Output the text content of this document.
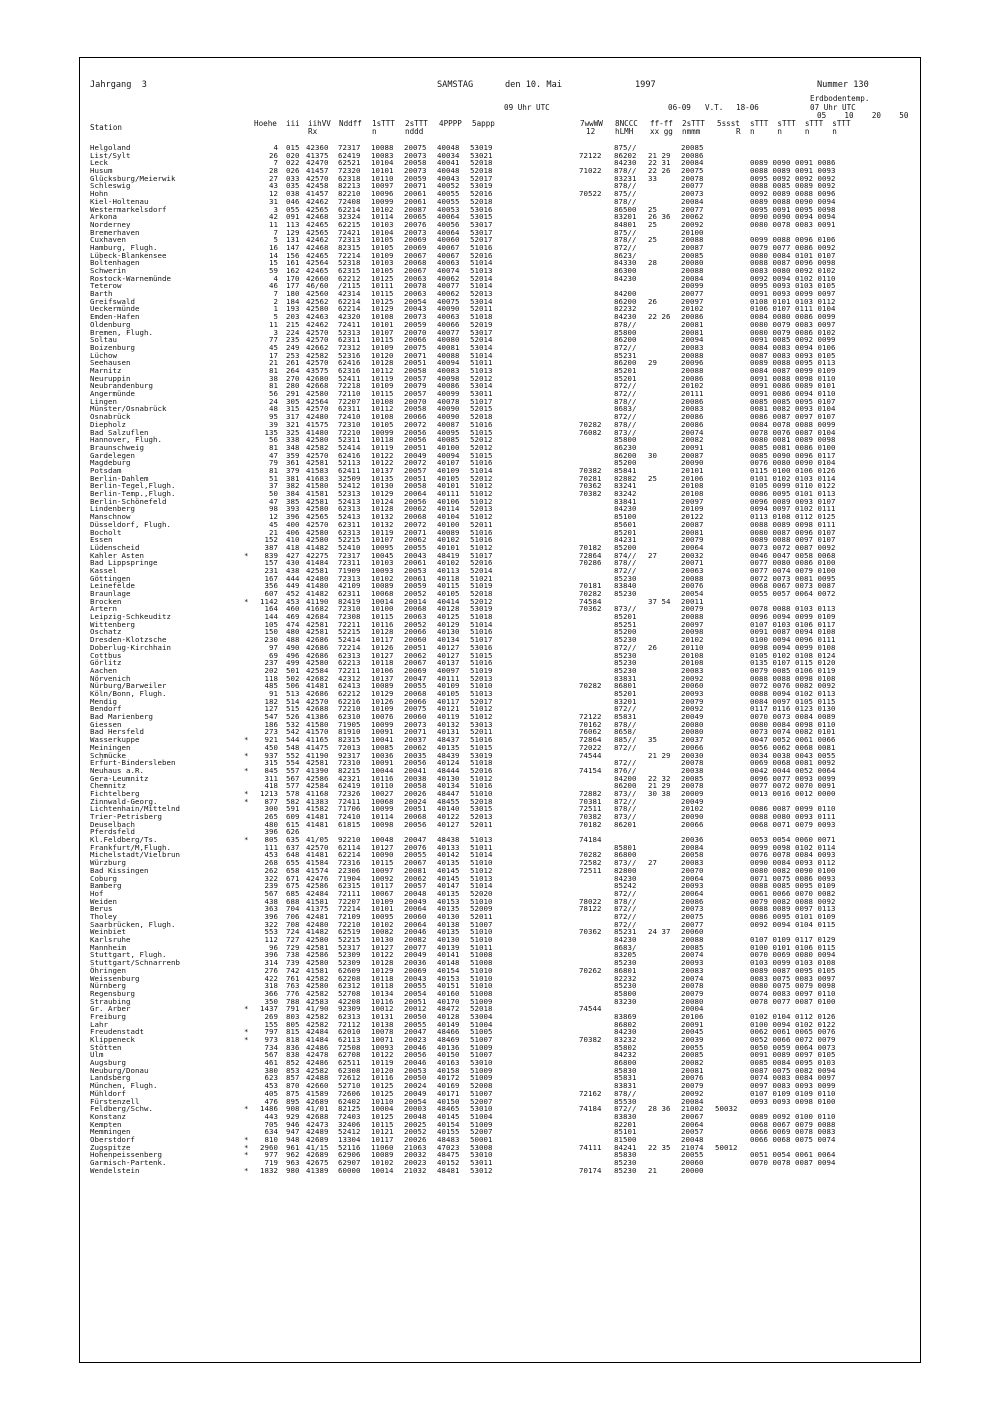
Jahrgang  3	SAMSTAG	den 10. Mai	1997	Nummer 130
Erdbodentemp.
09 Uhr UTC	06-09 V.T. 18-06	07 Uhr UTC
05    10    20    50
Station	Hoehe iii iihVV Nddff 1sTTT 2sTTT 4PPPP 5appp	7wwWW 8NCCC ff-ff 2sTTT 5ssst sTTT  sTTT  sTTT  sTTT
Rx	n	nddd	12	hLMH xx gg nmmm	R n     n     n     n
Helgoland	4 015 42360 72317 10088 20075 40048 53019	875//	20085
List/Sylt	26 020 41375 62419 10083 20073 40034 53021	72122 86202 21 29 20086
Leck	7 022 42470 62521 10104 20058 40041 52018	84230 22 31 20084	0089 0090 0091 0086
Husum	28 026 41457 72320 10101 20073 40048 52018	71022 878// 22 26 20075	0088 0089 0091 0093
Glücksburg/Meierwik	27 033 42570 62318 10110 20059 40043 52017	83231 33	20078	0095 0092 0092 0092
Schleswig	43 035 42458 82213 10097 20071 40052 53019	878//	20077	0088 0085 0089 0092
Hohn	12 038 41457 82210 10096 20061 40055 52016	70522 875//	20073	0092 0089 0088 0096
Kiel-Holtenau	31 046 42462 72408 10099 20061 40055 52018	878//	20084	0089 0088 0090 0094
Westermarkelsdorf	3 055 42565 62214 10102 20087 40053 53016	86500 25	20077	0095 0091 0095 0098
Arkona	42 091 42468 32324 10114 20065 40064 53015	83201 26 36 20062	0090 0090 0094 0094
Norderney	11 113 42465 62215 10103 20076 40056 53017	84801 25	20092	0080 0078 0083 0091
Bremerhaven	7 129 42565 72421 10104 20073 40064 53017	875//	20100
Cuxhaven	5 131 42462 72313 10105 20069 40060 52017	878// 25	20088	0099 0088 0096 0106
Hamburg, Flugh.	16 147 42468 82315 10105 20069 40067 51016	872//	20087	0079 0077 0086 0092
Lübeck-Blankensee	14 156 42465 72214 10109 20067 40067 52016	8623/	20085	0080 0084 0101 0107
Boltenhagen	15 161 42564 52318 10103 20068 40063 51014	84330 28	20080	0088 0087 0096 0098
Schwerin	59 162 42465 62315 10105 20067 40074 51013	86300	20088	0083 0080 0092 0102
Rostock-Warnemünde	4 170 42660 62212 10125 20063 40062 52014	84230	20084	0092 0094 0102 0110
Teterow	46 177 46/60 /2115 10111 20078 40077 51014	20099	0095 0093 0103 0105
Barth	7 180 42560 42314 10115 20063 40062 52013	84200	20077	0091 0093 0099 0097
Greifswald	2 184 42562 62214 10125 20054 40075 53014	86200 26	20097	0108 0101 0103 0112
Ueckermünde	1 193 42580 62214 10129 20043 40090 52011	82232	20102	0106 0107 0111 0104
Emden-Hafen	5 203 42463 42320 10108 20073 40063 51018	84230 22 26 20086	0084 0080 0086 0099
Oldenburg	11 215 42462 72411 10101 20059 40066 52019	878//	20081	0080 0079 0083 0097
Bremen, Flugh.	3 224 42570 52313 10107 20070 40077 53017	85800	20081	0080 0079 0086 0102
Soltau	77 235 42570 62311 10115 20066 40080 52014	86200	20094	0091 0085 0092 0099
Boizenburg	45 249 42662 72312 10109 20075 40081 53014	872//	20083	0084 0083 0094 0106
Lüchow	17 253 42582 52316 10120 20071 40088 51014	85231	20088	0087 0083 0093 0105
Seehausen	21 261 42570 62416 10128 20051 40094 51011	86200 29	20096	0089 0088 0095 0113
Marnitz	81 264 43575 62316 10112 20058 40083 51013	85201	20088	0084 0087 0099 0109
Neuruppin	38 270 42680 52411 10119 20057 40098 52012	85201	20086	0091 0088 0098 0110
Neubrandenburg	81 280 42668 72218 10109 20079 40086 53014	872//	20102	0091 0086 0089 0101
Angermünde	56 291 42580 72110 10115 20057 40099 53011	872//	20111	0091 0086 0094 0110
Lingen	24 305 42564 72207 10108 20070 40078 51017	878//	20086	0085 0085 0095 0107
Münster/Osnabrück	48 315 42570 62311 10112 20058 40090 52015	8683/	20083	0081 0082 0093 0104
Osnabrück	95 317 42480 72410 10108 20066 40090 52018	872//	20086	0086 0087 0097 0107
Diepholz	39 321 41575 72310 10105 20072 40087 51016	70282 878//	20086	0084 0078 0088 0099
Bad Salzuflen	135 325 41480 72210 10099 20056 40095 51015	76082 873//	20074	0078 0076 0087 0104
Hannover, Flugh.	56 338 42580 52311 10118 20056 40085 52012	85800	20082	0080 0081 0089 0098
Braunschweig	81 348 42582 52414 10119 20051 40100 52012	86230	20091	0085 0081 0086 0100
Gardelegen	47 359 42570 62416 10122 20049 40094 51015	86200 30	20087	0085 0090 0096 0117
Magdeburg	79 361 42581 52113 10122 20072 40107 51016	85200	20090	0076 0080 0090 0104
Potsdam	81 379 41583 62411 10137 20057 40109 51014	70382 85841	20101	0115 0100 0106 0126
Berlin-Dahlem	51 381 41683 32509 10135 20051 40105 52012	70281 82882 25	20106	0101 0102 0103 0114
Berlin-Tegel,Flugh.	37 382 41580 52412 10130 20058 40101 51012	70362 83241	20108	0105 0099 0110 0122
Berlin-Temp.,Flugh.	50 384 41581 52313 10129 20064 40111 51012	70382 83242	20108	0086 0095 0101 0113
Berlin-Schönefeld	47 385 42581 52413 10124 20056 40106 51012	83841	20097	0096 0089 0093 0107
Lindenberg	98 393 42580 62313 10128 20062 40114 52013	84230	20109	0094 0097 0102 0111
Manschnow	12 396 42565 52413 10132 20068 40104 51012	85100	20122	0113 0108 0112 0125
Düsseldorf, Flugh.	45 400 42570 62311 10132 20072 40100 52011	85601	20087	0088 0089 0098 0111
Bocholt	21 406 42580 62313 10119 20071 40089 51016	85201	20081	0080 0087 0096 0107
Essen	152 410 42580 52215 10107 20062 40102 51016	84231	20079	0089 0088 0097 0107
Lüdenscheid	387 418 41482 52410 10095 20055 40101 51012	70182 85200	20064	0073 0072 0087 0092
Kahler Asten	* 839 427 42275 72317 10045 20043 48419 51017	72864 874// 27	20032	0046 0047 0058 0068
Bad Lippspringe	157 430 41484 72311 10103 20061 40102 52016	70286 878//	20071	0077 0080 0086 0100
Kassel	231 438 42581 71909 10093 20053 40113 52014	872//	20063	0077 0074 0079 0100
Göttingen	167 444 42480 72313 10102 20061 40118 51021	85230	20088	0072 0073 0081 0095
Leinefelde	356 449 41480 42109 10089 20059 40115 51019	70181 83840	20076	0068 0067 0073 0087
Braunlage	607 452 41482 62311 10068 20052 40105 52018	70282 85230	20054	0055 0057 0064 0072
Brocken	* 1142 453 41190 82419 10014 20014 40414 52012	74584	37 54 20011
Artern	164 460 41682 72310 10100 20068 40128 53019	70362 873//	20079	0078 0088 0103 0113
Leipzig-Schkeuditz	144 469 42684 72308 10115 20063 40125 51018	85201	20088	0096 0094 0099 0109
Wittenberg	105 474 42581 72211 10116 20052 40129 51014	85251	20097	0107 0103 0106 0117
Oschatz	150 480 42581 52215 10128 20066 40130 51016	85200	20098	0091 0087 0094 0108
Dresden-Klotzsche	230 488 42686 52414 10117 20060 40134 51017	85230	20102	0100 0094 0096 0111
Doberlug-Kirchhain	97 490 42686 72214 10126 20051 40127 53016	872// 26	20110	0098 0094 0099 0108
Cottbus	69 496 42686 62313 10127 20062 40127 51015	85230	20108	0105 0102 0108 0124
Görlitz	237 499 42580 62213 10118 20067 40137 51016	85230	20108	0135 0107 0115 0120
Aachen	202 501 42584 72211 10106 20069 40097 51019	85230	20083	0079 0085 0106 0119
Nörvenich	118 502 42682 42312 10137 20047 40111 52013	83831	20092	0088 0088 0098 0108
Nürburg/Barweiler	485 506 41481 62413 10089 20055 40109 51010	70282 86801	20060	0072 0076 0082 0092
Köln/Bonn, Flugh.	91 513 42686 62212 10129 20068 40105 51013	85201	20093	0088 0094 0102 0113
Mendig	182 514 42570 62216 10126 20066 40117 52017	83201	20079	0084 0097 0105 0115
Bendorf	127 515 42688 72210 10109 20075 40121 51012	872//	20092	0117 0116 0123 0130
Bad Marienberg	547 526 41386 62310 10076 20060 40119 51012	72122 85831	20049	0070 0073 0084 0089
Giessen	186 532 41580 71905 10099 20073 40132 53013	70162 878//	20080	0080 0084 0098 0110
Bad Hersfeld	273 542 41570 81910 10091 20071 40131 52011	76062 8658/	20080	0073 0074 0082 0101
Wasserkuppe	* 921 544 41165 82315 10041 20037 48437 51016	72864 885// 35	20037	0047 0052 0061 0066
Meiningen	450 548 41475 72013 10085 20062 40135 51015	72022 872//	20066	0056 0062 0068 0081
Schmücke	* 937 552 41190 92317 10036 20035 48439 53019	74544	21 29 20030	0034 0038 0043 0055
Erfurt-Bindersleben	315 554 42581 72310 10091 20056 40124 51018	872//	20078	0069 0068 0081 0092
Neuhaus a.R.	* 845 557 41390 82215 10044 20041 48444 52016	74154 876//	20038	0042 0044 0052 0064
Gera-Leumnitz	311 567 42586 42321 10116 20038 40130 51012	84200 22 32 20085	0096 0077 0093 0099
Chemnitz	418 577 42584 62419 10110 20058 40134 51016	86200 21 29 20078	0077 0072 0070 0091
Fichtelberg	* 1213 578 41168 72326 10027 20026 48447 51010	72882 873// 30 38 20009	0013 0016 0012 0000
Zinnwald-Georg.	* 877 582 41383 72411 10068 20024 48455 52018	70381 872//	20049
Lichtenhain/Mittelnd	300 591 41582 71706 10099 20051 40140 53015	72511 878//	20102	0086 0087 0099 0110
Trier-Petrisberg	265 609 41481 72410 10114 20068 40122 52013	70382 873//	20090	0088 0080 0093 0111
Deuselbach	480 615 41481 61815 10098 20056 40127 52011	70182 86201	20066	0068 0071 0079 0093
Pferdsfeld	396 626
Kl.Feldberg/Ts.	* 805 635 41/05 92210 10048 20047 48438 51013	74184	20036	0053 0054 0060 0071
Frankfurt/M,Flugh.	111 637 42570 62114 10127 20076 40133 51011	85801	20084	0099 0098 0102 0114
Michelstadt/Vielbrun	453 648 41481 62214 10090 20055 40142 51014	70282 86800	20058	0076 0078 0084 0093
Würzburg	268 655 41584 72316 10115 20067 40135 51010	72582 873// 27	20083	0090 0084 0093 0112
Bad Kissingen	262 658 41574 22306 10097 20081 40145 51012	72511 82800	20070	0080 0082 0090 0100
Coburg	322 671 42476 71904 10092 20062 40145 51013	84230	20064	0071 0075 0086 0093
Bamberg	239 675 42586 62315 10117 20057 40147 51014	85242	20093	0088 0085 0095 0109
Hof	567 685 42484 72111 10067 20048 40135 52020	872//	20064	0061 0066 0070 0082
Weiden	438 688 41581 72207 10109 20049 40153 51010	78022 878//	20086	0079 0082 0088 0092
Berus	363 704 41375 72214 10101 20064 40135 52009	78122 872//	20073	0088 0089 0097 0113
Tholey	396 706 42481 72109 10095 20060 40130 52011	872//	20075	0086 0095 0101 0109
Saarbrücken, Flugh.	322 708 42480 72210 10102 20064 40138 51007	872//	20077	0092 0094 0104 0115
Weinbiet	553 724 41482 62519 10082 20046 40135 51010	70362 85231 24 37 20060
Karlsruhe	112 727 42580 52215 10130 20082 40130 51010	84230	20088	0107 0109 0117 0129
Mannheim	96 729 42581 52317 10127 20077 40139 51011	8683/	20085	0100 0101 0106 0115
Stuttgart, Flugh.	396 738 42586 52309 10122 20049 40141 51008	83205	20074	0070 0069 0080 0094
Stuttgart/Schnarrenb	314 739 42580 52309 10128 20036 40148 51008	85230	20093	0103 0099 0103 0108
Öhringen	276 742 41581 62609 10129 20069 40154 51010	70262 86801	20083	0089 0087 0095 0105
Weissenburg	422 761 42582 62208 10118 20043 40153 51010	82232	20074	0083 0075 0083 0097
Nürnberg	318 763 42580 62312 10118 20055 40151 51010	85230	20078	0080 0075 0079 0098
Regensburg	366 776 42582 52708 10134 20054 40160 51008	85800	20079	0074 0083 0097 0110
Straubing	350 788 42583 42208 10116 20051 40170 51009	83230	20080	0078 0077 0087 0100
Gr. Arber	* 1437 791 41/90 92309 10012 20012 48472 52018	74544	20004
Freiburg	269 803 42582 62313 10131 20050 40128 53004	83869	20106	0102 0104 0112 0126
Lahr	155 805 42582 72112 10138 20055 40149 51004	86802	20091	0100 0094 0102 0122
Freudenstadt	* 797 815 42484 62010 10078 20047 48466 51005	84230	20045	0062 0061 0065 0076
Klippeneck	* 973 818 41484 62113 10071 20023 48469 51007	70382 83232	20039	0052 0066 0072 0079
Stötten	734 836 42486 72508 10093 20046 40136 51009	85802	20055	0050 0059 0064 0073
Ulm	567 838 42478 62708 10122 20056 40150 51007	84232	20085	0091 0089 0097 0105
Augsburg	461 852 42486 62511 10119 20046 40163 53010	86800	20082	0085 0084 0095 0103
Neuburg/Donau	380 853 42582 62308 10120 20053 40158 51009	85830	20081	0087 0075 0082 0094
Landsberg	623 857 42488 72612 10116 20050 40172 51009	85831	20076	0074 0083 0084 0097
München, Flugh.	453 870 42660 52710 10125 20024 40169 52008	83831	20079	0097 0083 0093 0099
Mühldorf	405 875 41589 72606 10125 20049 40171 51007	72162 878//	20092	0107 0109 0109 0110
Fürstenzell	476 895 42689 62402 10110 20054 40150 52007	85530	20084	0093 0093 0098 0100
Feldberg/Schw.	* 1486 908 41/01 82125 10004 20003 48465 53010	74184 872// 28 36 21002 50032
Konstanz	443 929 42688 72403 10125 20048 40145 51004	83830	20067	0089 0092 0100 0110
Kempten	705 946 42473 32406 10115 20025 40154 51009	82201	20064	0068 0067 0079 0088
Memmingen	634 947 42489 52412 10121 20052 40155 52007	85101	20057	0066 0069 0078 0083
Oberstdorf	* 810 948 42689 13304 10117 20026 48483 50001	81500	20048	0066 0068 0075 0074
Zugspitze	* 2960 961 41/15 52116 11060 21063 47023 53008	74111 84241 22 35 21074 50012
Hohenpeissenberg	* 977 962 42689 62906 10089 20032 48475 53010	85830	20055	0051 0054 0061 0064
Garmisch-Partenk.	719 963 42675 62907 10102 20023 40152 53011	85230	20060	0070 0078 0087 0094
Wendelstein	* 1832 980 41389 60000 10014 21032 48481 53012	70174 85230 21	20000
